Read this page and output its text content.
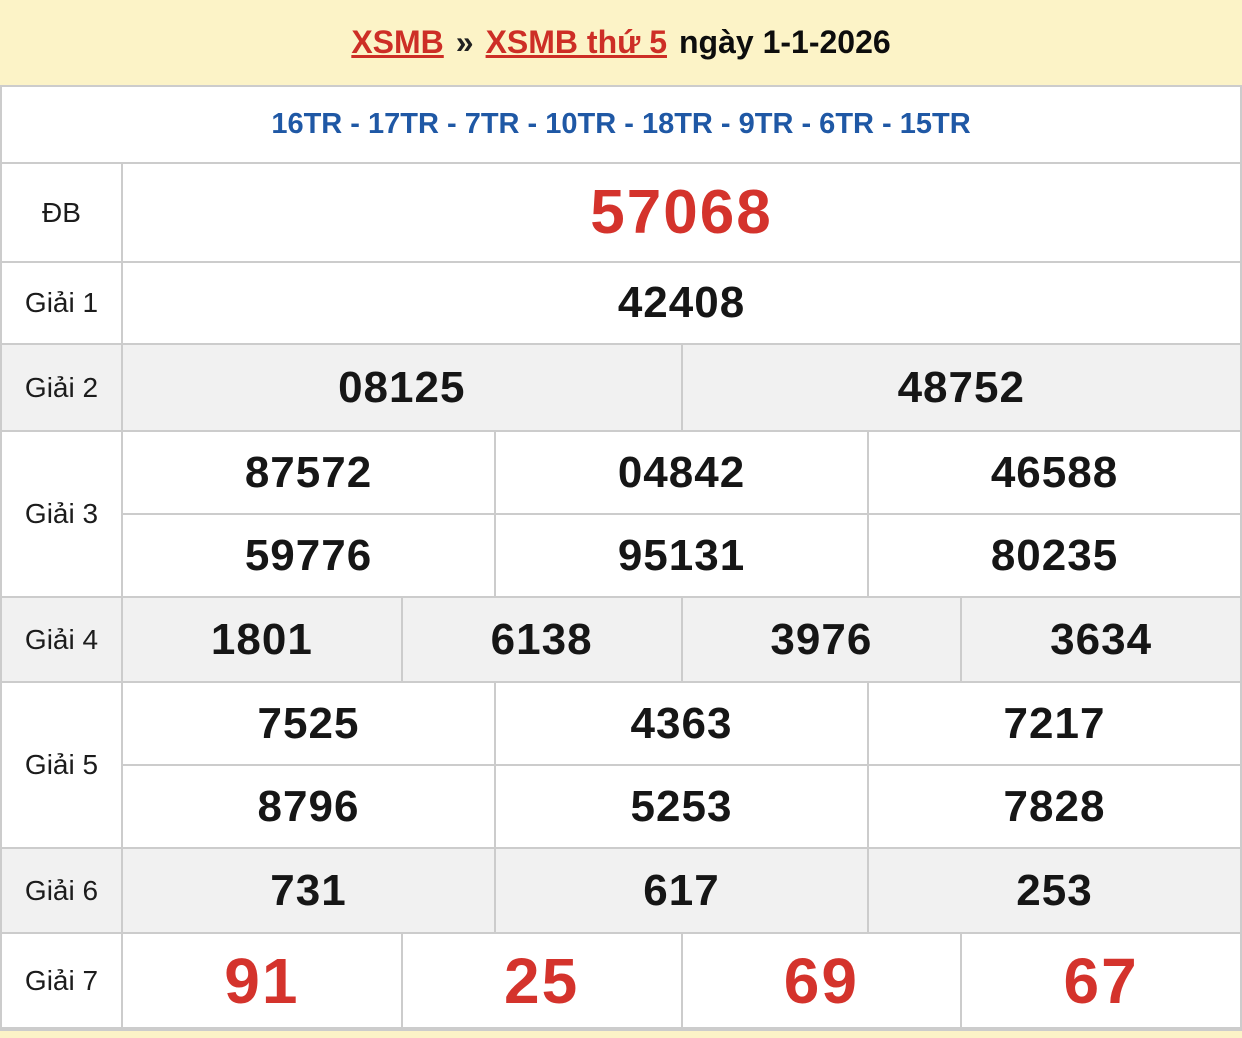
XSMB » XSMB thứ 5 ngày 1-1-2026
16TR - 17TR - 7TR - 10TR - 18TR - 9TR - 6TR - 15TR						
ĐB	57068					
Giải 1	42408					
Giải 2	08125			48752		
Giải 3	87572		04842		46588	
	59776		95131		80235	
Giải 4	1801	6138		3976		3634
Giải 5	7525		4363		7217	
	8796		5253		7828	
Giải 6	731		617		253	
Giải 7	91	25		69		67
